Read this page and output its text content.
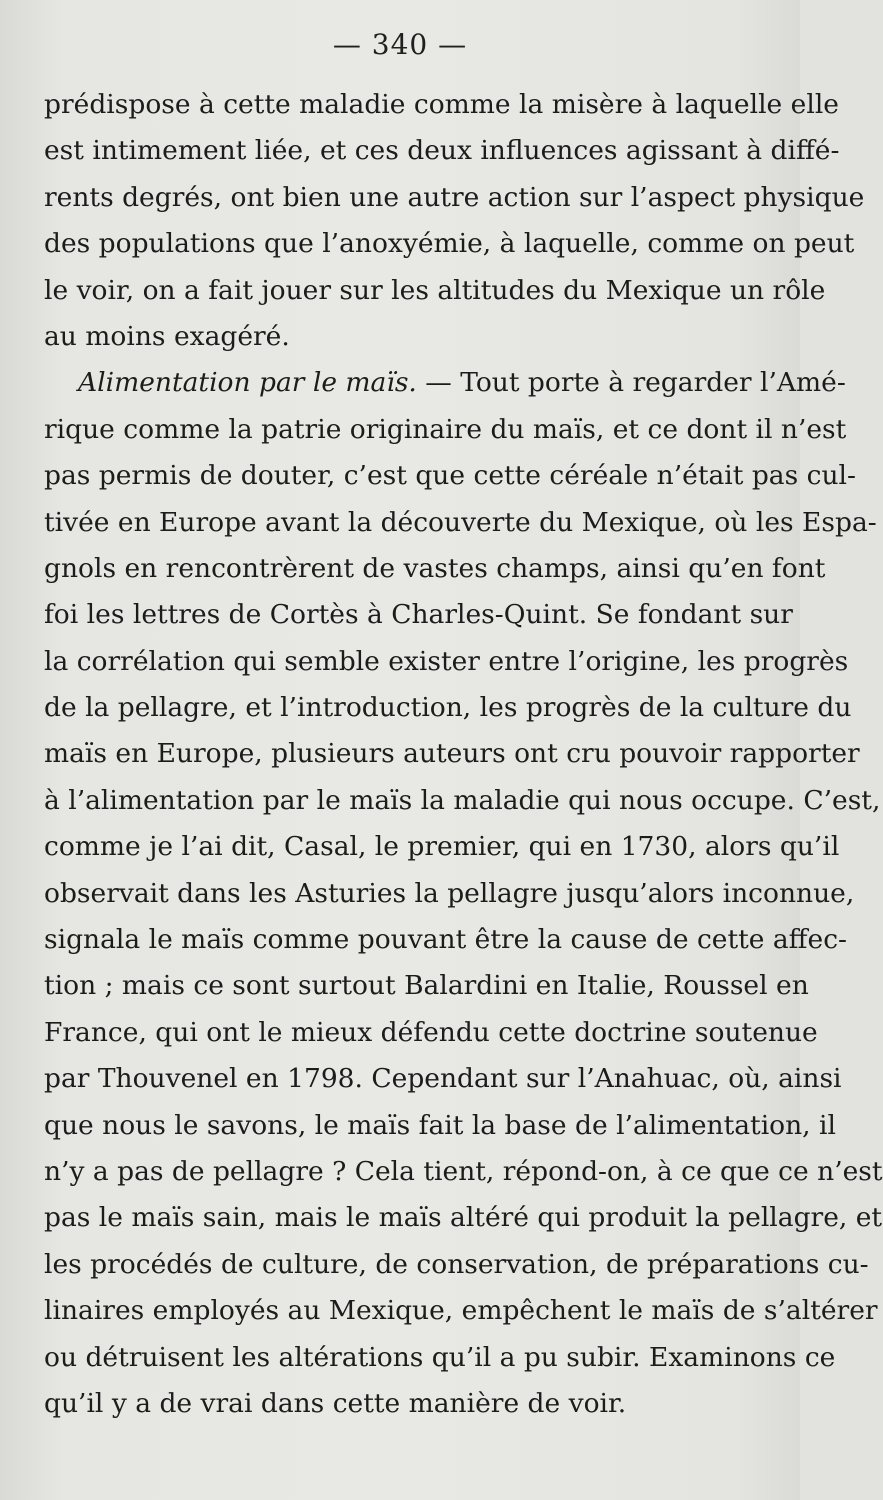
— 340 —
prédispose à cette maladie comme la misère à laquelle elle
est intimement liée, et ces deux influences agissant à diffé-
rents degrés, ont bien une autre action sur l’aspect physique
des populations que l’anoxyémie, à laquelle, comme on peut
le voir, on a fait jouer sur les altitudes du Mexique un rôle
au moins exagéré.
Alimentation par le maïs. — Tout porte à regarder l’Amé-
rique comme la patrie originaire du maïs, et ce dont il n’est
pas permis de douter, c’est que cette céréale n’était pas cul-
tivée en Europe avant la découverte du Mexique, où les Espa-
gnols en rencontrèrent de vastes champs, ainsi qu’en font
foi les lettres de Cortès à Charles-Quint. Se fondant sur
la corrélation qui semble exister entre l’origine, les progrès
de la pellagre, et l’introduction, les progrès de la culture du
maïs en Europe, plusieurs auteurs ont cru pouvoir rapporter
à l’alimentation par le maïs la maladie qui nous occupe. C’est,
comme je l’ai dit, Casal, le premier, qui en 1730, alors qu’il
observait dans les Asturies la pellagre jusqu’alors inconnue,
signala le maïs comme pouvant être la cause de cette affec-
tion ; mais ce sont surtout Balardini en Italie, Roussel en
France, qui ont le mieux défendu cette doctrine soutenue
par Thouvenel en 1798. Cependant sur l’Anahuac, où, ainsi
que nous le savons, le maïs fait la base de l’alimentation, il
n’y a pas de pellagre ? Cela tient, répond-on, à ce que ce n’est
pas le maïs sain, mais le maïs altéré qui produit la pellagre, et
les procédés de culture, de conservation, de préparations cu-
linaires employés au Mexique, empêchent le maïs de s’altérer
ou détruisent les altérations qu’il a pu subir. Examinons ce
qu’il y a de vrai dans cette manière de voir.
